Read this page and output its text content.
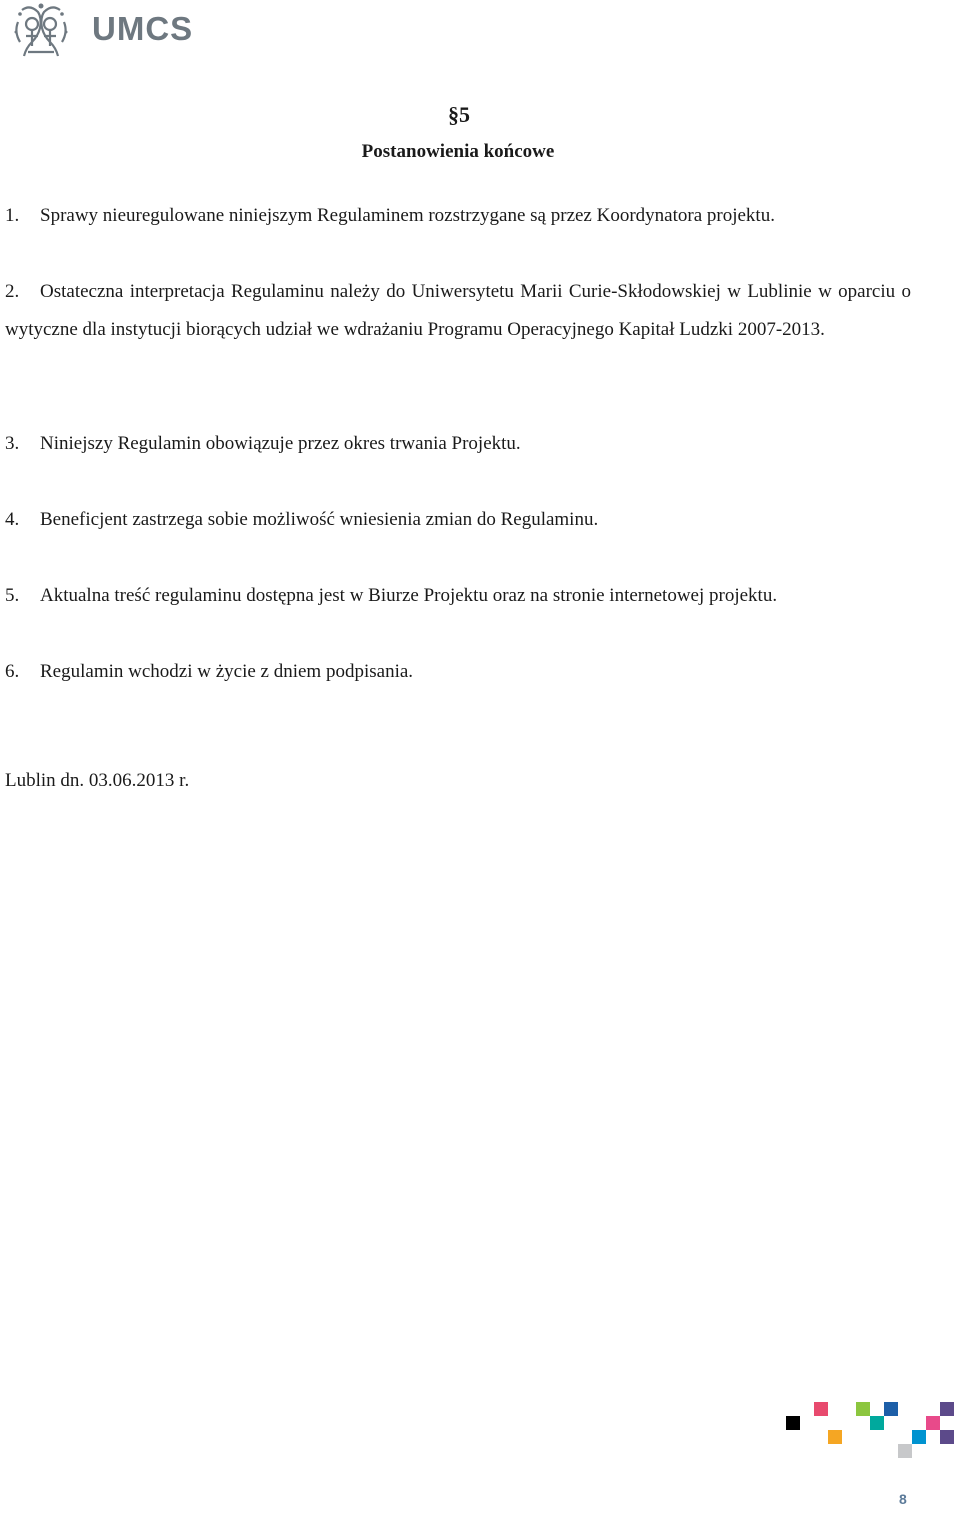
UMCS
§5
Postanowienia końcowe

1. Sprawy nieuregulowane niniejszym Regulaminem rozstrzygane są przez Koordynatora projektu.

2. Ostateczna interpretacja Regulaminu należy do Uniwersytetu Marii Curie-Skłodowskiej w Lublinie w oparciu o wytyczne dla instytucji biorących udział we wdrażaniu Programu Operacyjnego Kapitał Ludzki 2007-2013.

3. Niniejszy Regulamin obowiązuje przez okres trwania Projektu.

4. Beneficjent zastrzega sobie możliwość wniesienia zmian do Regulaminu.

5. Aktualna treść regulaminu dostępna jest w Biurze Projektu oraz na stronie internetowej projektu.

6. Regulamin wchodzi w życie z dniem podpisania.

Lublin dn. 03.06.2013 r.
8
